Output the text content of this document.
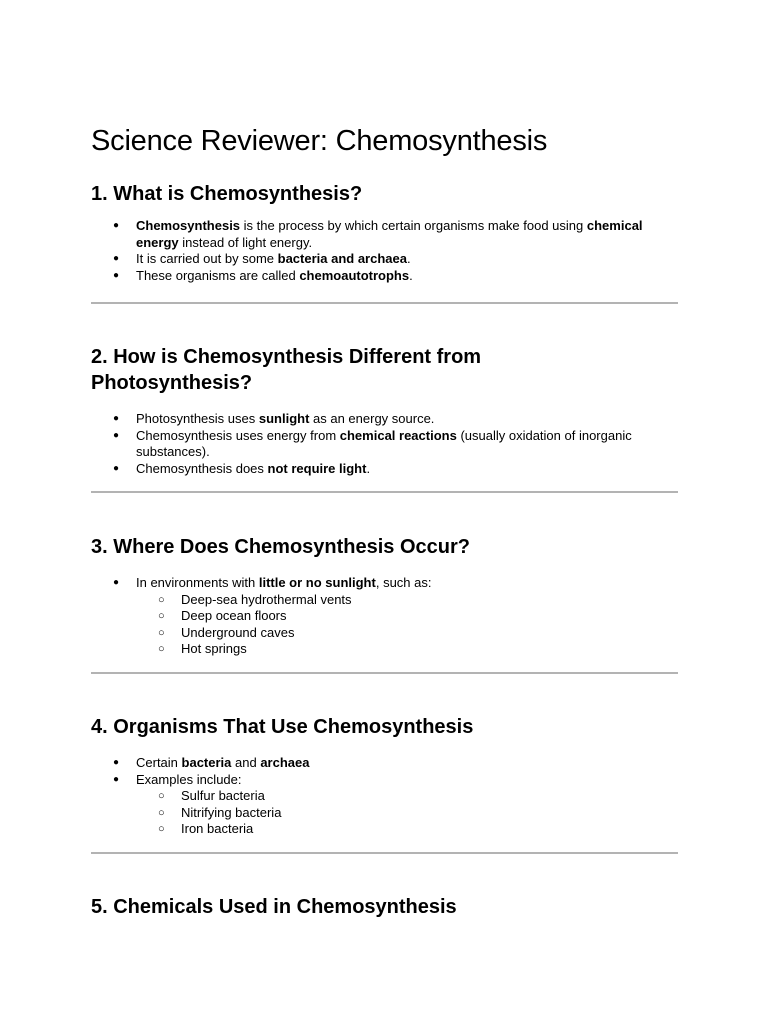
Science Reviewer: Chemosynthesis
1. What is Chemosynthesis?
● Chemosynthesis is the process by which certain organisms make food using chemical energy instead of light energy.
● It is carried out by some bacteria and archaea.
● These organisms are called chemoautotrophs.
2. How is Chemosynthesis Different from Photosynthesis?
● Photosynthesis uses sunlight as an energy source.
● Chemosynthesis uses energy from chemical reactions (usually oxidation of inorganic substances).
● Chemosynthesis does not require light.
3. Where Does Chemosynthesis Occur?
● In environments with little or no sunlight, such as:
○ Deep-sea hydrothermal vents
○ Deep ocean floors
○ Underground caves
○ Hot springs
4. Organisms That Use Chemosynthesis
● Certain bacteria and archaea
● Examples include:
○ Sulfur bacteria
○ Nitrifying bacteria
○ Iron bacteria
5. Chemicals Used in Chemosynthesis
